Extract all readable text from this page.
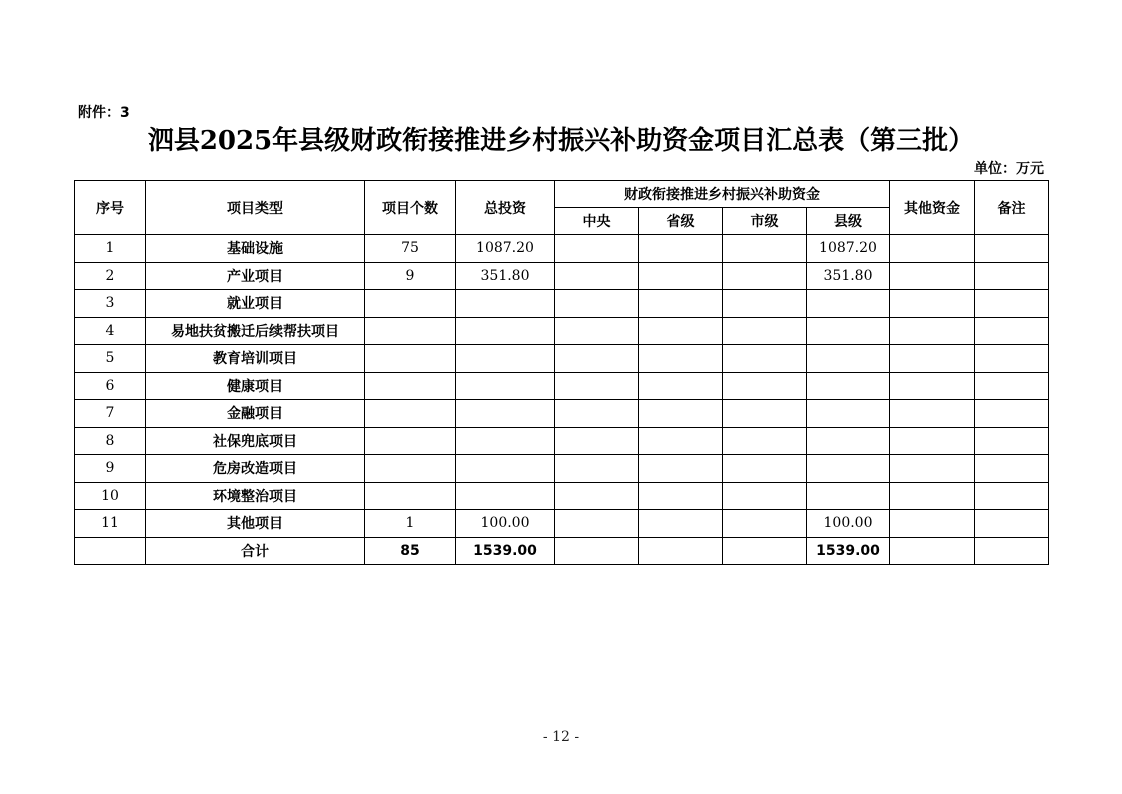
附件：3
泗县2025年县级财政衔接推进乡村振兴补助资金项目汇总表（第三批）
单位：万元
序号	项目类型	项目个数	总投资	财政衔接推进乡村振兴补助资金				其他资金	备注
				中央	省级	市级	县级		
1	基础设施	75	1087.20				1087.20		
2	产业项目	9	351.80				351.80		
3	就业项目								
4	易地扶贫搬迁后续帮扶项目								
5	教育培训项目								
6	健康项目								
7	金融项目								
8	社保兜底项目								
9	危房改造项目								
10	环境整治项目								
11	其他项目	1	100.00				100.00		
	合计	85	1539.00				1539.00		
- 12 -
